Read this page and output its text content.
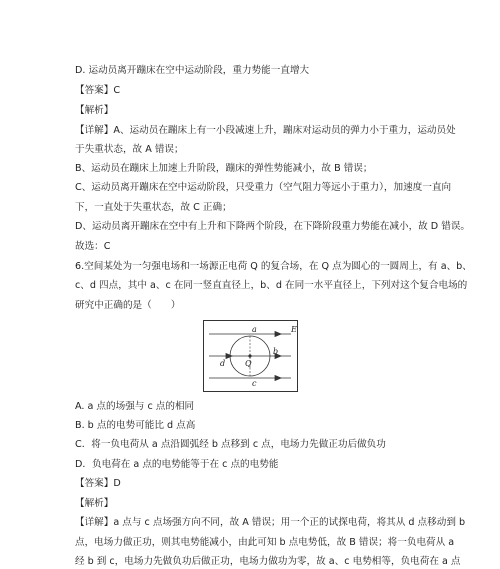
D. 运动员离开蹦床在空中运动阶段，重力势能一直增大
【答案】C
【解析】
【详解】A、运动员在蹦床上有一小段减速上升，蹦床对运动员的弹力小于重力，运动员处
于失重状态，故 A 错误；
B、运动员在蹦床上加速上升阶段，蹦床的弹性势能减小，故 B 错误；
C、运动员离开蹦床在空中运动阶段，只受重力（空气阻力等远小于重力），加速度一直向
下，一直处于失重状态，故 C 正确；
D、运动员离开蹦床在空中有上升和下降两个阶段，在下降阶段重力势能在减小，故 D 错误。
故选：C
6.空间某处为一匀强电场和一场源正电荷 Q 的复合场，在 Q 点为圆心的一圆周上，有 a、b、
c、d 四点，其中 a、c 在同一竖直直径上，b、d 在同一水平直径上，下列对这个复合电场的
研究中正确的是（　　）
a
b
c
d Q
E
A. a 点的场强与 c 点的相同
B. b 点的电势可能比 d 点高
C．将一负电荷从 a 点沿圆弧经 b 点移到 c 点，电场力先做正功后做负功
D．负电荷在 a 点的电势能等于在 c 点的电势能
【答案】D
【解析】
【详解】a 点与 c 点场强方向不同，故 A 错误；用一个正的试探电荷，将其从 d 点移动到 b
点，电场力做正功，则其电势能减小，由此可知 b 点电势低，故 B 错误；将一负电荷从 a
经 b 到 c，电场力先做负功后做正功，电场力做功为零，故 a、c 电势相等，负电荷在 a 点
